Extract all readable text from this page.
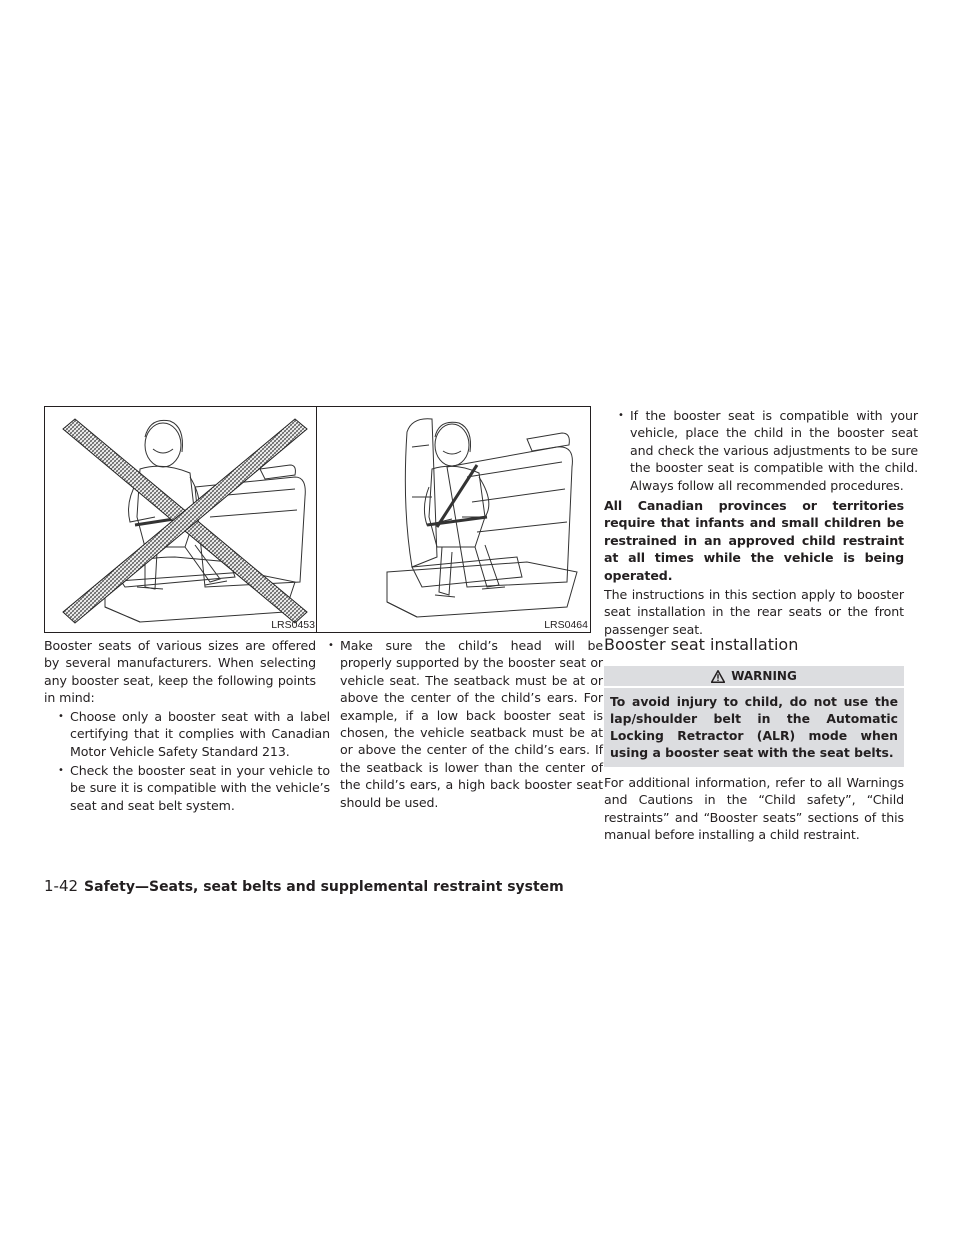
LRS0453	LRS0464

Booster seats of various sizes are offered by several manufacturers. When selecting any booster seat, keep the following points in mind:

• Choose only a booster seat with a label certifying that it complies with Canadian Motor Vehicle Safety Standard 213.

• Check the booster seat in your vehicle to be sure it is compatible with the vehicle’s seat and seat belt system.

• Make sure the child’s head will be properly supported by the booster seat or vehicle seat. The seatback must be at or above the center of the child’s ears. For example, if a low back booster seat is chosen, the vehicle seatback must be at or above the center of the child’s ears. If the seatback is lower than the center of the child’s ears, a high back booster seat should be used.

• If the booster seat is compatible with your vehicle, place the child in the booster seat and check the various adjustments to be sure the booster seat is compatible with the child. Always follow all recommended procedures.

All Canadian provinces or territories require that infants and small children be restrained in an approved child restraint at all times while the vehicle is being operated.

The instructions in this section apply to booster seat installation in the rear seats or the front passenger seat.

Booster seat installation
WARNING
To avoid injury to child, do not use the lap/shoulder belt in the Automatic Locking Retractor (ALR) mode when using a booster seat with the seat belts.

For additional information, refer to all Warnings and Cautions in the “Child safety”, “Child restraints” and “Booster seats” sections of this manual before installing a child restraint.

1-42 Safety—Seats, seat belts and supplemental restraint system
